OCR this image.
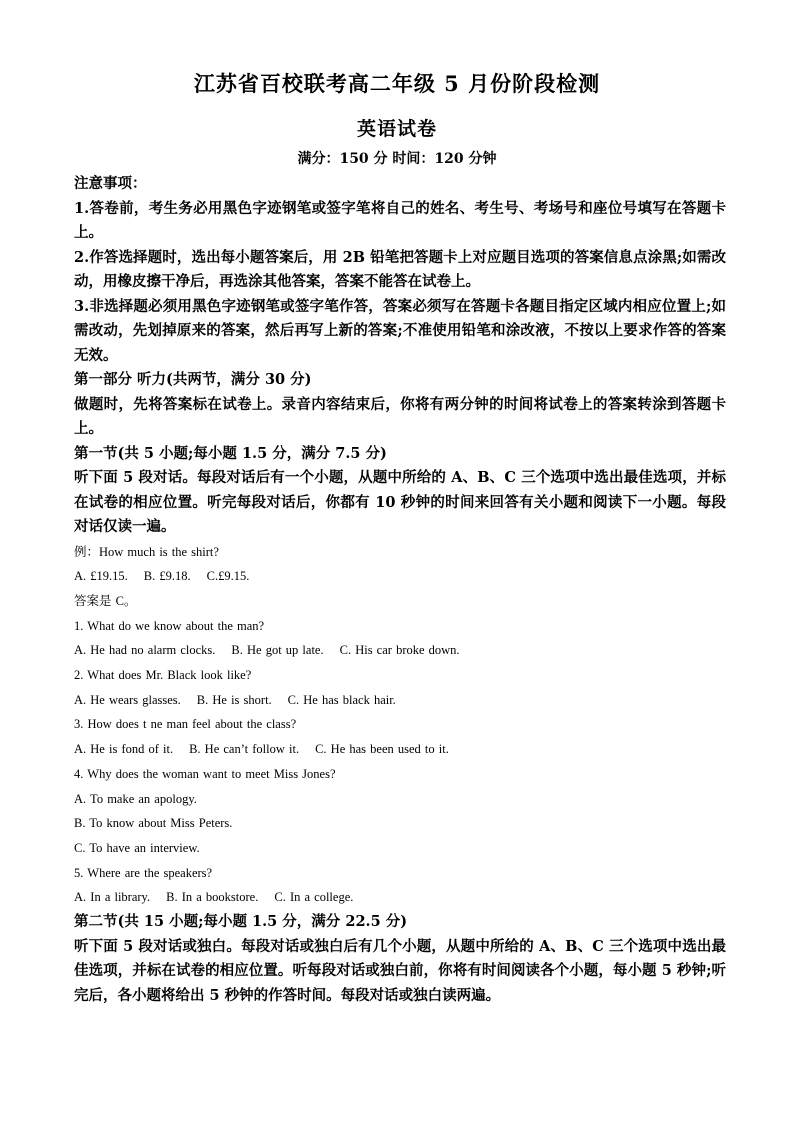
江苏省百校联考高二年级 5 月份阶段检测
英语试卷
满分：150 分 时间：120 分钟

注意事项：

1.答卷前，考生务必用黑色字迹钢笔或签字笔将自己的姓名、考生号、考场号和座位号填写在答题卡上。

2.作答选择题时，选出每小题答案后，用 2B 铅笔把答题卡上对应题目选项的答案信息点涂黑;如需改动，用橡皮擦干净后，再选涂其他答案，答案不能答在试卷上。

3.非选择题必须用黑色字迹钢笔或签字笔作答，答案必须写在答题卡各题目指定区域内相应位置上;如需改动，先划掉原来的答案，然后再写上新的答案;不准使用铅笔和涂改液，不按以上要求作答的答案无效。

第一部分 听力(共两节，满分 30 分)

做题时，先将答案标在试卷上。录音内容结束后，你将有两分钟的时间将试卷上的答案转涂到答题卡上。

第一节(共 5 小题;每小题 1.5 分，满分 7.5 分)

听下面 5 段对话。每段对话后有一个小题，从题中所给的 A、B、C 三个选项中选出最佳选项，并标在试卷的相应位置。听完每段对话后，你都有 10 秒钟的时间来回答有关小题和阅读下一小题。每段对话仅读一遍。

例：How much is the shirt?

A. £19.15. B. £9.18. C.£9.15.

答案是 C。

1. What do we know about the man?

A. He had no alarm clocks. B. He got up late. C. His car broke down.

2. What does Mr. Black look like?

A. He wears glasses. B. He is short. C. He has black hair.

3. How does t ne man feel about the class?

A. He is fond of it. B. He can’t follow it. C. He has been used to it.

4. Why does the woman want to meet Miss Jones?

A. To make an apology.

B. To know about Miss Peters.

C. To have an interview.

5. Where are the speakers?

A. In a library. B. In a bookstore. C. In a college.

第二节(共 15 小题;每小题 1.5 分，满分 22.5 分)

听下面 5 段对话或独白。每段对话或独白后有几个小题，从题中所给的 A、B、C 三个选项中选出最佳选项，并标在试卷的相应位置。听每段对话或独白前，你将有时间阅读各个小题，每小题 5 秒钟;听完后，各小题将给出 5 秒钟的作答时间。每段对话或独白读两遍。
